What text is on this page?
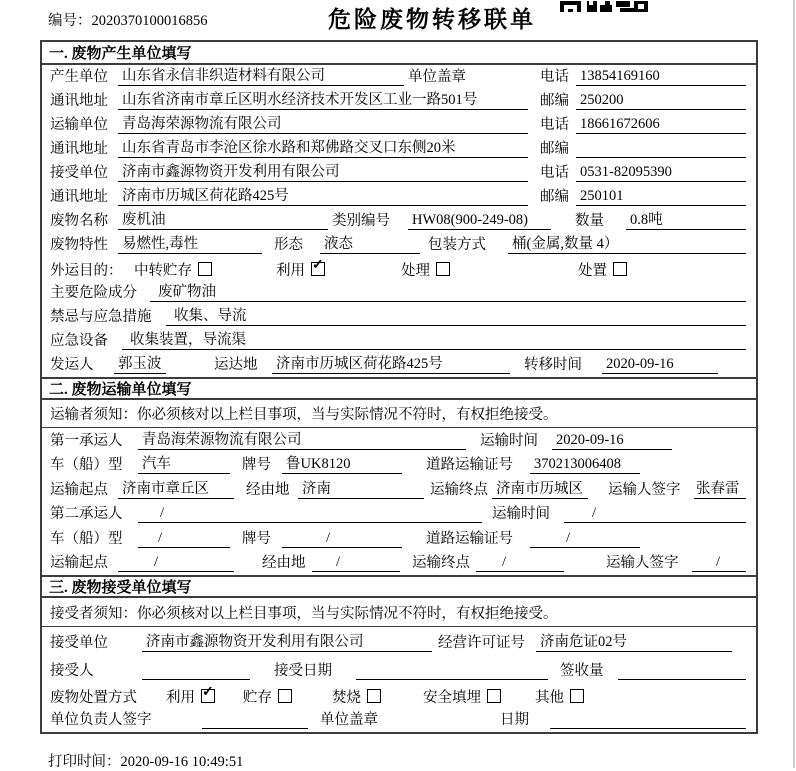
编号：2020370100016856	危险废物转移联单
一. 废物产生单位填写
产生单位 山东省永信非织造材料有限公司	单位盖章	电话 13854169160
通讯地址 山东省济南市章丘区明水经济技术开发区工业一路501号	邮编 250200
运输单位 青岛海荣源物流有限公司	电话 18661672606
通讯地址 山东省青岛市李沧区徐水路和郑佛路交叉口东侧20米	邮编
接受单位 济南市鑫源物资开发利用有限公司	电话 0531-82095390
通讯地址 济南市历城区荷花路425号	邮编 250101
废物名称 废机油	类别编号 HW08(900-249-08)	数量 0.8吨
废物特性 易燃性,毒性	形态 液态	包装方式	桶(金属,数量 4）
外运目的： 中转贮存	利用 ✓	处理	处置
主要危险成分	废矿物油
禁忌与应急措施	收集、导流
应急设备	收集装置，导流渠
发运人 郭玉波	运达地 济南市历城区荷花路425号	转移时间 2020-09-16
二. 废物运输单位填写
运输者须知：你必须核对以上栏目事项，当与实际情况不符时，有权拒绝接受。
第一承运人 青岛海荣源物流有限公司	运输时间 2020-09-16
车（船）型 汽车	牌号 鲁UK8120	道路运输证号	370213006408
运输起点 济南市章丘区	经由地 济南	运输终点 济南市历城区	运输人签字 张春雷
第二承运人	/	运输时间	/
车（船）型	/	牌号	/	道路运输证号	/
运输起点	/	经由地	/	运输终点	/	运输人签字	/
三. 废物接受单位填写
接受者须知：你必须核对以上栏目事项，当与实际情况不符时，有权拒绝接受。
接受单位	济南市鑫源物资开发利用有限公司	经营许可证号 济南危证02号
接受人	接受日期	签收量
废物处置方式 利用 ✓	贮存	焚烧	安全填埋	其他
单位负责人签字	单位盖章	日期
打印时间：2020-09-16 10:49:51
